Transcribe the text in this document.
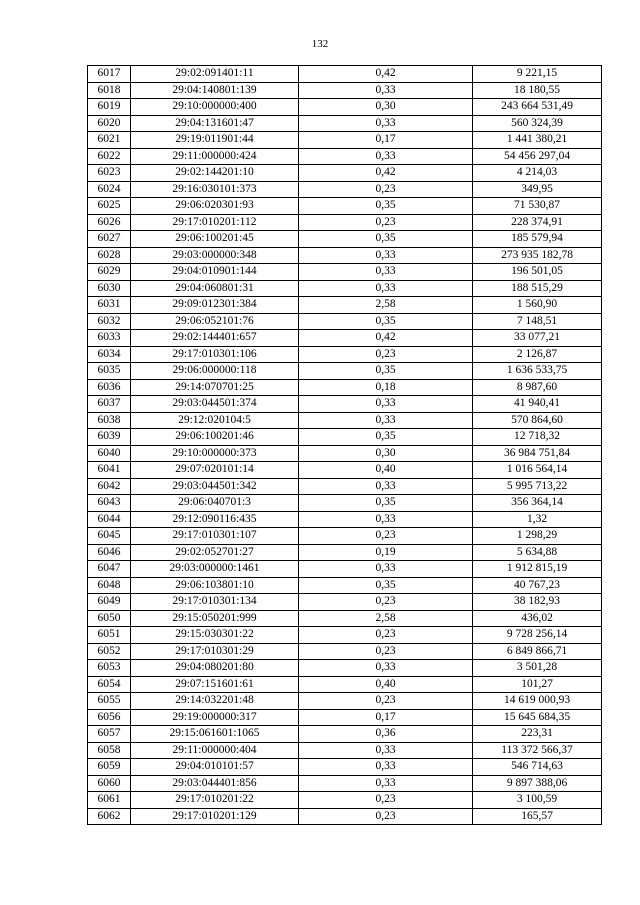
132
6017	29:02:091401:11	0,42	9 221,15
6018	29:04:140801:139	0,33	18 180,55
6019	29:10:000000:400	0,30	243 664 531,49
6020	29:04:131601:47	0,33	560 324,39
6021	29:19:011901:44	0,17	1 441 380,21
6022	29:11:000000:424	0,33	54 456 297,04
6023	29:02:144201:10	0,42	4 214,03
6024	29:16:030101:373	0,23	349,95
6025	29:06:020301:93	0,35	71 530,87
6026	29:17:010201:112	0,23	228 374,91
6027	29:06:100201:45	0,35	185 579,94
6028	29:03:000000:348	0,33	273 935 182,78
6029	29:04:010901:144	0,33	196 501,05
6030	29:04:060801:31	0,33	188 515,29
6031	29:09:012301:384	2,58	1 560,90
6032	29:06:052101:76	0,35	7 148,51
6033	29:02:144401:657	0,42	33 077,21
6034	29:17:010301:106	0,23	2 126,87
6035	29:06:000000:118	0,35	1 636 533,75
6036	29:14:070701:25	0,18	8 987,60
6037	29:03:044501:374	0,33	41 940,41
6038	29:12:020104:5	0,33	570 864,60
6039	29:06:100201:46	0,35	12 718,32
6040	29:10:000000:373	0,30	36 984 751,84
6041	29:07:020101:14	0,40	1 016 564,14
6042	29:03:044501:342	0,33	5 995 713,22
6043	29:06:040701:3	0,35	356 364,14
6044	29:12:090116:435	0,33	1,32
6045	29:17:010301:107	0,23	1 298,29
6046	29:02:052701:27	0,19	5 634,88
6047	29:03:000000:1461	0,33	1 912 815,19
6048	29:06:103801:10	0,35	40 767,23
6049	29:17:010301:134	0,23	38 182,93
6050	29:15:050201:999	2,58	436,02
6051	29:15:030301:22	0,23	9 728 256,14
6052	29:17:010301:29	0,23	6 849 866,71
6053	29:04:080201:80	0,33	3 501,28
6054	29:07:151601:61	0,40	101,27
6055	29:14:032201:48	0,23	14 619 000,93
6056	29:19:000000:317	0,17	15 645 684,35
6057	29:15:061601:1065	0,36	223,31
6058	29:11:000000:404	0,33	113 372 566,37
6059	29:04:010101:57	0,33	546 714,63
6060	29:03:044401:856	0,33	9 897 388,06
6061	29:17:010201:22	0,23	3 100,59
6062	29:17:010201:129	0,23	165,57
